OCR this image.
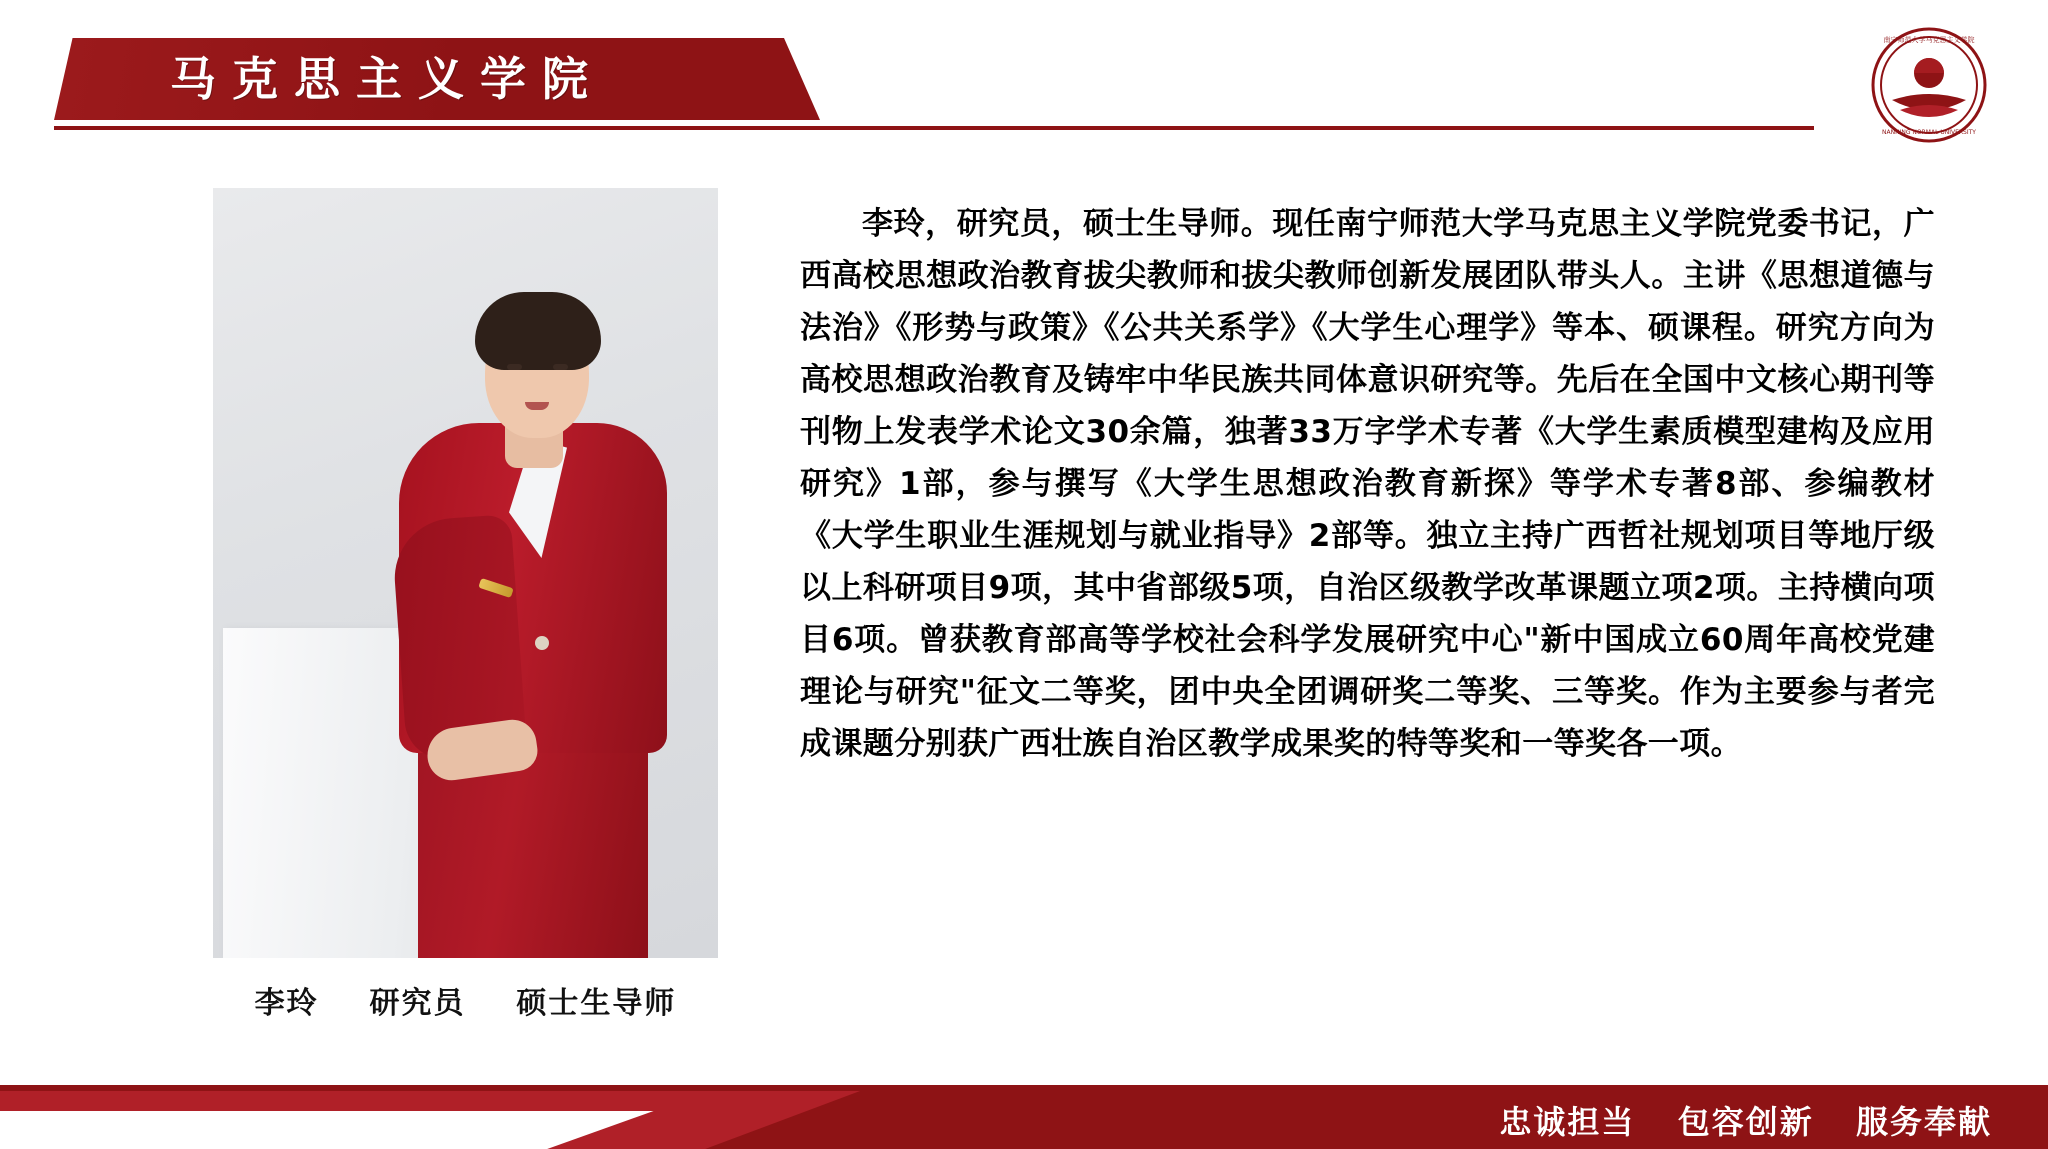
马克思主义学院
南宁师范大学马克思主义学院
NANNING NORMAL UNIVERSITY
李玲 研究员 硕士生导师
李玲，研究员，硕士生导师。现任南宁师范大学马克思主义学院党委书记，广西高校思想政治教育拔尖教师和拔尖教师创新发展团队带头人。主讲《思想道德与法治》《形势与政策》《公共关系学》《大学生心理学》等本、硕课程。研究方向为高校思想政治教育及铸牢中华民族共同体意识研究等。先后在全国中文核心期刊等刊物上发表学术论文30余篇，独著33万字学术专著《大学生素质模型建构及应用研究》1部，参与撰写《大学生思想政治教育新探》等学术专著8部、参编教材《大学生职业生涯规划与就业指导》2部等。独立主持广西哲社规划项目等地厅级以上科研项目9项，其中省部级5项，自治区级教学改革课题立项2项。主持横向项目6项。曾获教育部高等学校社会科学发展研究中心"新中国成立60周年高校党建理论与研究"征文二等奖，团中央全团调研奖二等奖、三等奖。作为主要参与者完成课题分别获广西壮族自治区教学成果奖的特等奖和一等奖各一项。
忠诚担当 包容创新 服务奉献
